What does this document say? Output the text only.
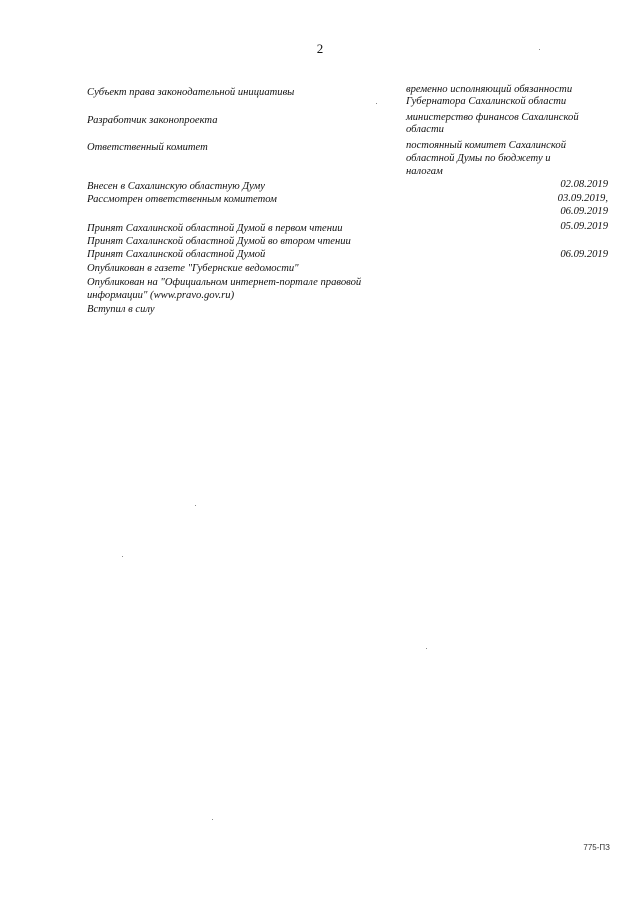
2
Субъект права законодательной инициативы	временно исполняющий обязанности
Губернатора Сахалинской области
Разработчик законопроекта	министерство финансов Сахалинской
области
Ответственный комитет	постоянный комитет Сахалинской
областной Думы по бюджету и
налогам
Внесен в Сахалинскую областную Думу	02.08.2019
Рассмотрен ответственным комитетом	03.09.2019,
06.09.2019
Принят Сахалинской областной Думой в первом чтении	05.09.2019
Принят Сахалинской областной Думой во втором чтении
Принят Сахалинской областной Думой	06.09.2019
Опубликован в газете "Губернские ведомости"
Опубликован на "Официальном интернет-портале правовой
информации" (www.pravo.gov.ru)
Вступил в силу
775-ПЗ
